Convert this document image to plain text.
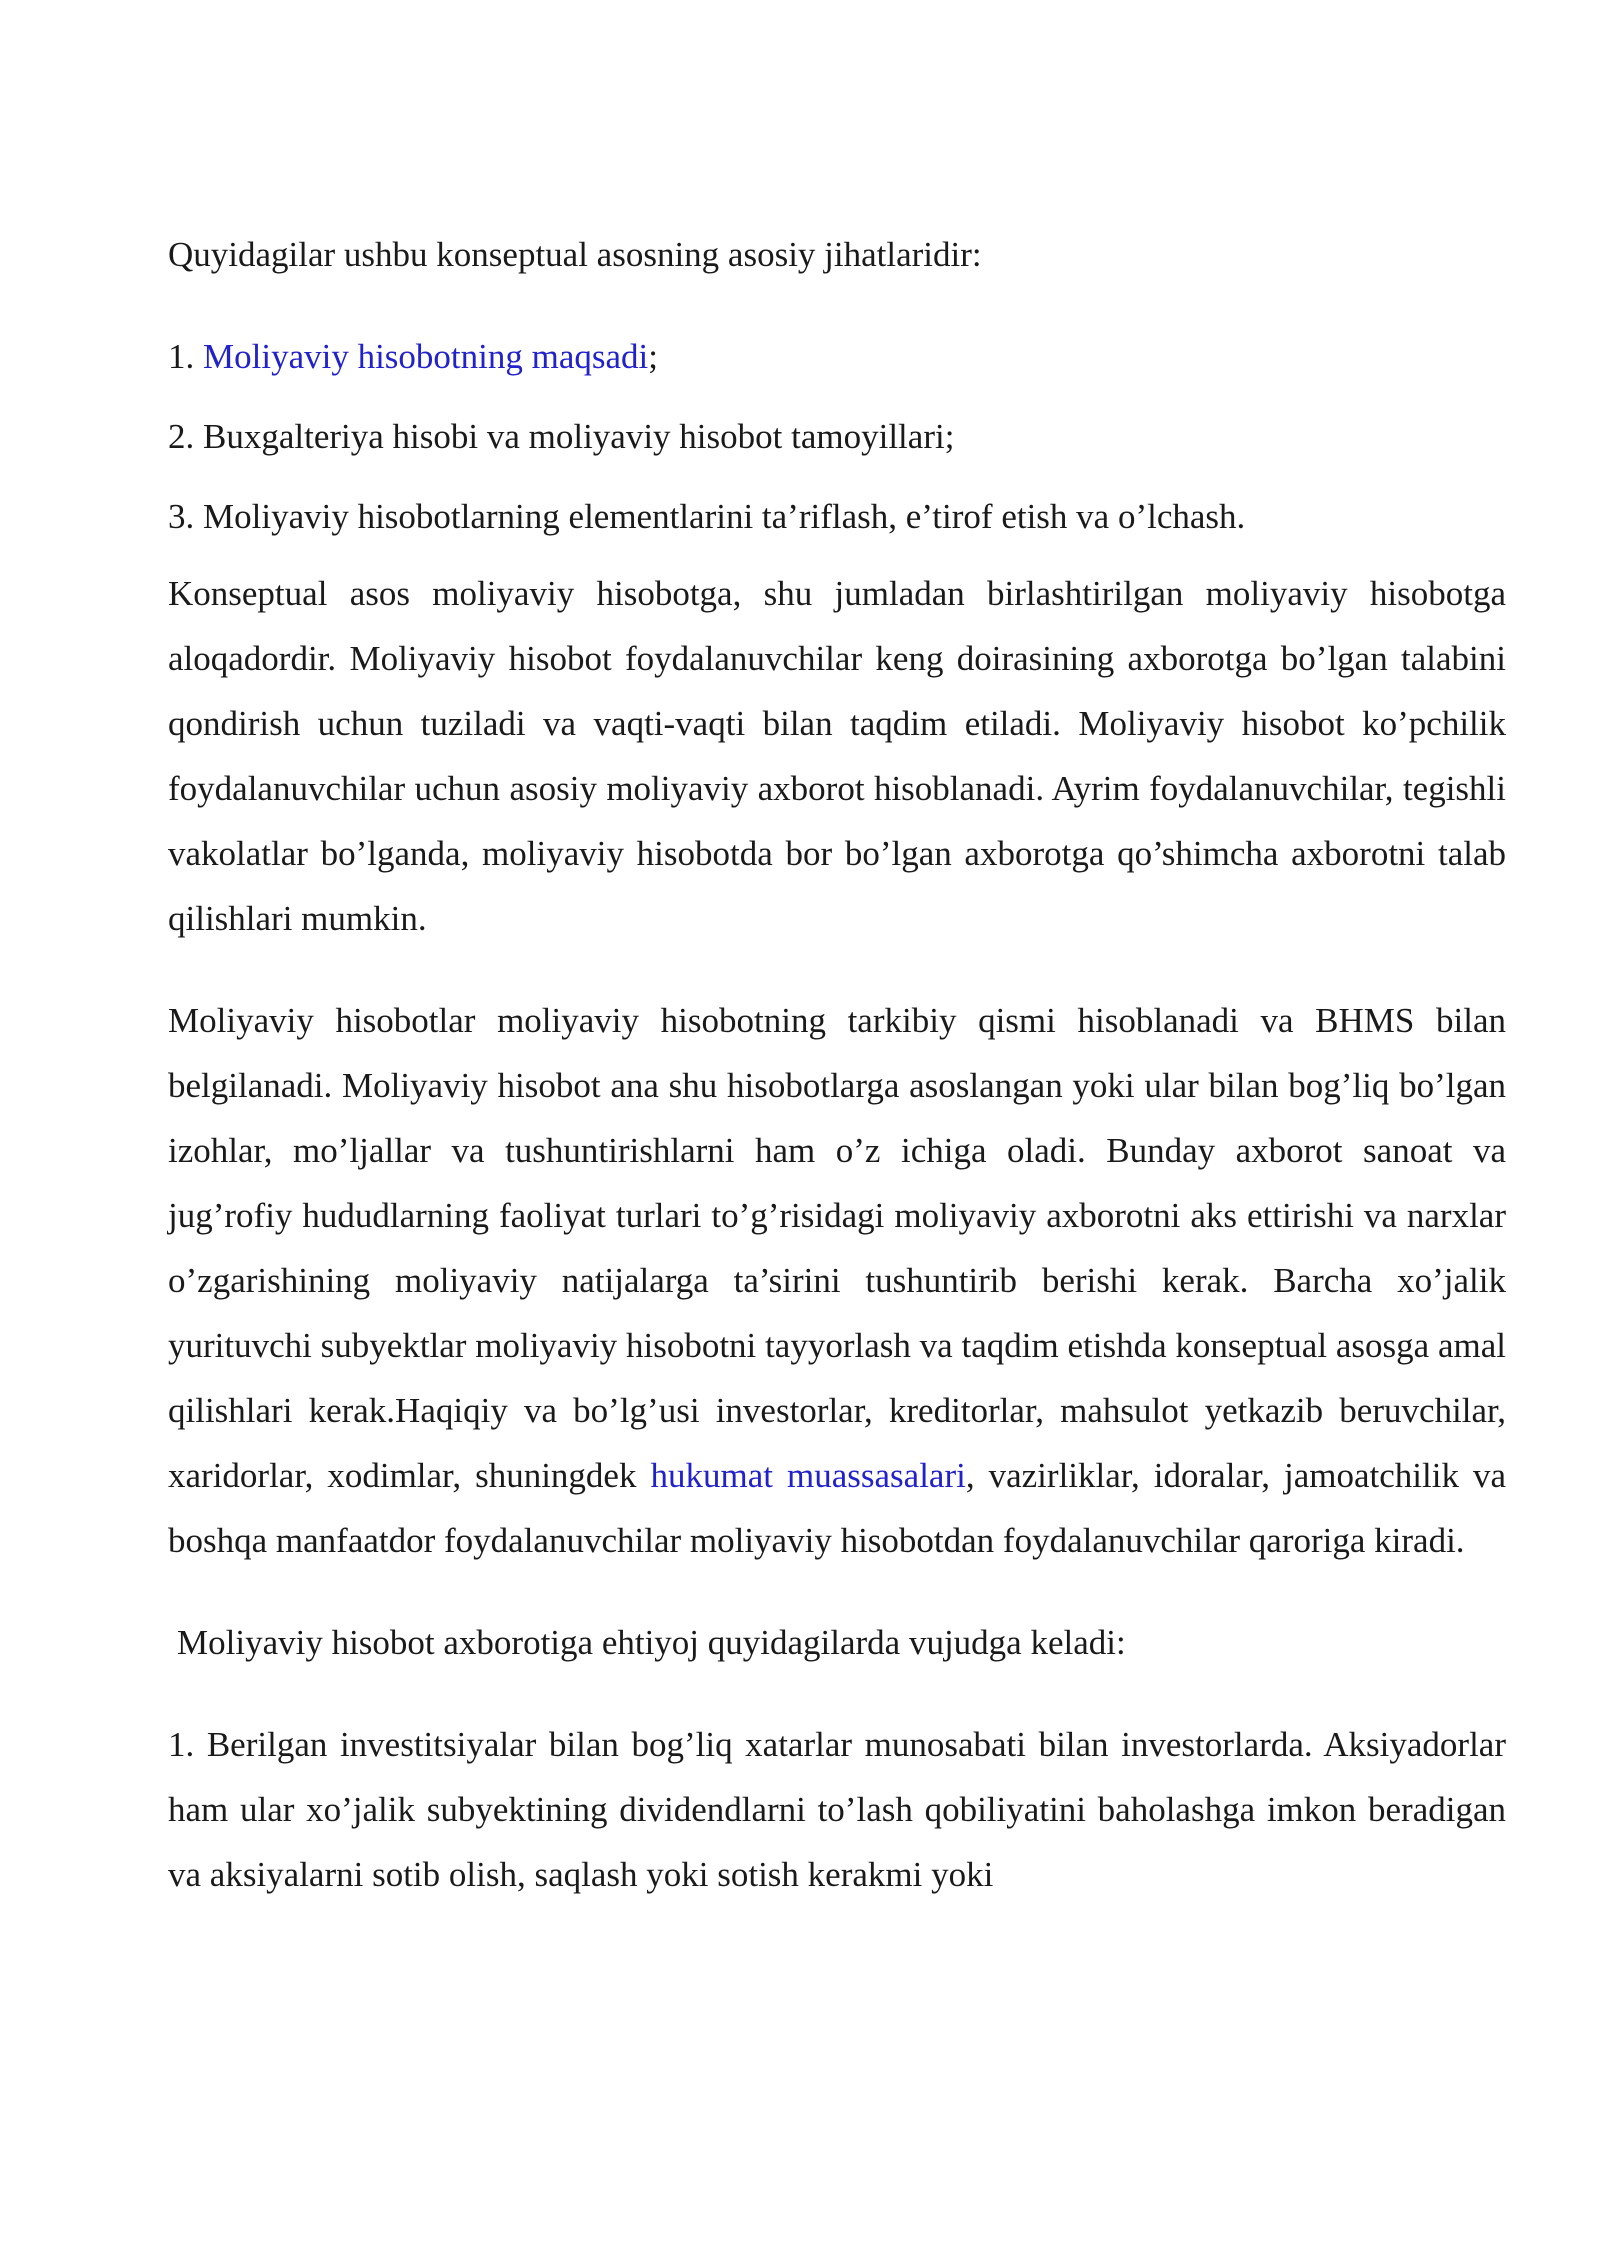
Quyidagilar ushbu konseptual asosning asosiy jihatlaridir:

1. Moliyaviy hisobotning maqsadi;

2. Buxgalteriya hisobi va moliyaviy hisobot tamoyillari;

3. Moliyaviy hisobotlarning elementlarini ta’riflash, e’tirof etish va o’lchash.

Konseptual asos moliyaviy hisobotga, shu jumladan birlashtirilgan moliyaviy hisobotga aloqadordir. Moliyaviy hisobot foydalanuvchilar keng doirasining axborotga bo’lgan talabini qondirish uchun tuziladi va vaqti-vaqti bilan taqdim etiladi. Moliyaviy hisobot ko’pchilik foydalanuvchilar uchun asosiy moliyaviy axborot hisoblanadi. Ayrim foydalanuvchilar, tegishli vakolatlar bo’lganda, moliyaviy hisobotda bor bo’lgan axborotga qo’shimcha axborotni talab qilishlari mumkin.

Moliyaviy hisobotlar moliyaviy hisobotning tarkibiy qismi hisoblanadi va BHMS bilan belgilanadi. Moliyaviy hisobot ana shu hisobotlarga asoslangan yoki ular bilan bog’liq bo’lgan izohlar, mo’ljallar va tushuntirishlarni ham o’z ichiga oladi. Bunday axborot sanoat va jug’rofiy hududlarning faoliyat turlari to’g’risidagi moliyaviy axborotni aks ettirishi va narxlar o’zgarishining moliyaviy natijalarga ta’sirini tushuntirib berishi kerak. Barcha xo’jalik yurituvchi subyektlar moliyaviy hisobotni tayyorlash va taqdim etishda konseptual asosga amal qilishlari kerak.Haqiqiy va bo’lg’usi investorlar, kreditorlar, mahsulot yetkazib beruvchilar, xaridorlar, xodimlar, shuningdek hukumat muassasalari, vazirliklar, idoralar, jamoatchilik va boshqa manfaatdor foydalanuvchilar moliyaviy hisobotdan foydalanuvchilar qaroriga kiradi.

Moliyaviy hisobot axborotiga ehtiyoj quyidagilarda vujudga keladi:

1. Berilgan investitsiyalar bilan bog’liq xatarlar munosabati bilan investorlarda. Aksiyadorlar ham ular xo’jalik subyektining dividendlarni to’lash qobiliyatini baholashga imkon beradigan va aksiyalarni sotib olish, saqlash yoki sotish kerakmi yoki
